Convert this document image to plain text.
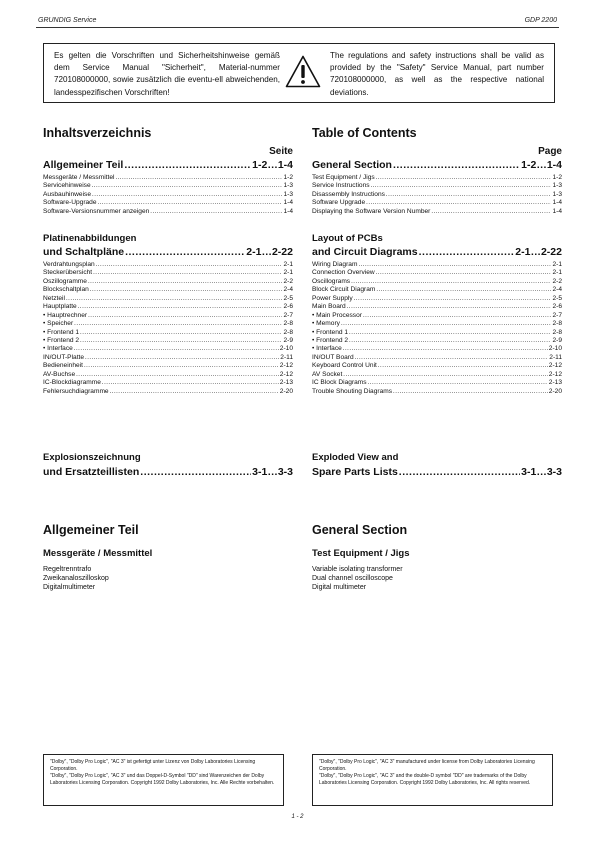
GRUNDIG Service	GDP 2200
Es gelten die Vorschriften und Sicherheitshinweise gemäß dem Service Manual "Sicherheit", Material-nummer 720108000000, sowie zusätzlich die eventu-ell abweichenden, landesspezifischen Vorschriften!
The regulations and safety instructions shall be valid as provided by the "Safety" Service Manual, part number 720108000000, as well as the respective national deviations.
Inhaltsverzeichnis
Seite
Allgemeiner Teil .....	1-2…1-4
Messgeräte / Messmittel .....	1-2
Servicehinweise .....	1-3
Ausbauhinweise .....	1-3
Software-Upgrade .....	1-4
Software-Versionsnummer anzeigen .....	1-4
Platinenabbildungen
und Schaltpläne .....	2-1…2-22
Verdrahtungsplan .....	2-1
Steckerübersicht .....	2-1
Oszillogramme .....	2-2
Blockschaltplan .....	2-4
Netzteil .....	2-5
Hauptplatte .....	2-6
• Hauptrechner .....	2-7
• Speicher .....	2-8
• Frontend 1 .....	2-8
• Frontend 2 .....	2-9
• Interface .....	2-10
IN/OUT-Platte .....	2-11
Bedieneinheit .....	2-12
AV-Buchse .....	2-12
IC-Blockdiagramme .....	2-13
Fehlersuchdiagramme .....	2-20
Explosionszeichnung
und Ersatzteillisten .....	3-1…3-3
Allgemeiner Teil
Messgeräte / Messmittel
Regeltrenntrafo
Zweikanaloszilloskop
Digitalmultimeter
Table of Contents
Page
General Section .....	1-2…1-4
Test Equipment / Jigs .....	1-2
Service Instructions .....	1-3
Disassembly Instructions .....	1-3
Software Upgrade .....	1-4
Displaying the Software Version Number .....	1-4
Layout of PCBs
and Circuit Diagrams .....	2-1…2-22
Wiring Diagram .....	2-1
Connection Overview .....	2-1
Oscillograms .....	2-2
Block Circuit Diagram .....	2-4
Power Supply .....	2-5
Main Board .....	2-6
• Main Processor .....	2-7
• Memory .....	2-8
• Frontend 1 .....	2-8
• Frontend 2 .....	2-9
• Interface .....	2-10
IN/OUT Board .....	2-11
Keyboard Control Unit .....	2-12
AV Socket .....	2-12
IC Block Diagrams .....	2-13
Trouble Shouting Diagrams .....	2-20
Exploded View and
Spare Parts Lists .....	3-1…3-3
General Section
Test Equipment / Jigs
Variable isolating transformer
Dual channel oscilloscope
Digital multimeter
"Dolby", "Dolby Pro Logic", "AC 3" ist gefertigt unter Lizenz von Dolby Laboratories Licensing Corporation.
"Dolby", "Dolby Pro Logic", "AC 3" und das Doppel-D-Symbol "DD" sind Warenzeichen der Dolby Laboratories Licensing Corporation. Copyright 1992 Dolby Laboratories, Inc. Alle Rechte vorbehalten.
"Dolby", "Dolby Pro Logic", "AC 3" manufactured under license from Dolby Laboratories Licensing Corporation.
"Dolby", "Dolby Pro Logic", "AC 3" and the double-D symbol "DD" are trademarks of the Dolby Laboratories Licensing Corporation. Copyright 1992 Dolby Laboratories, Inc. All rights reserved.
1 - 2
